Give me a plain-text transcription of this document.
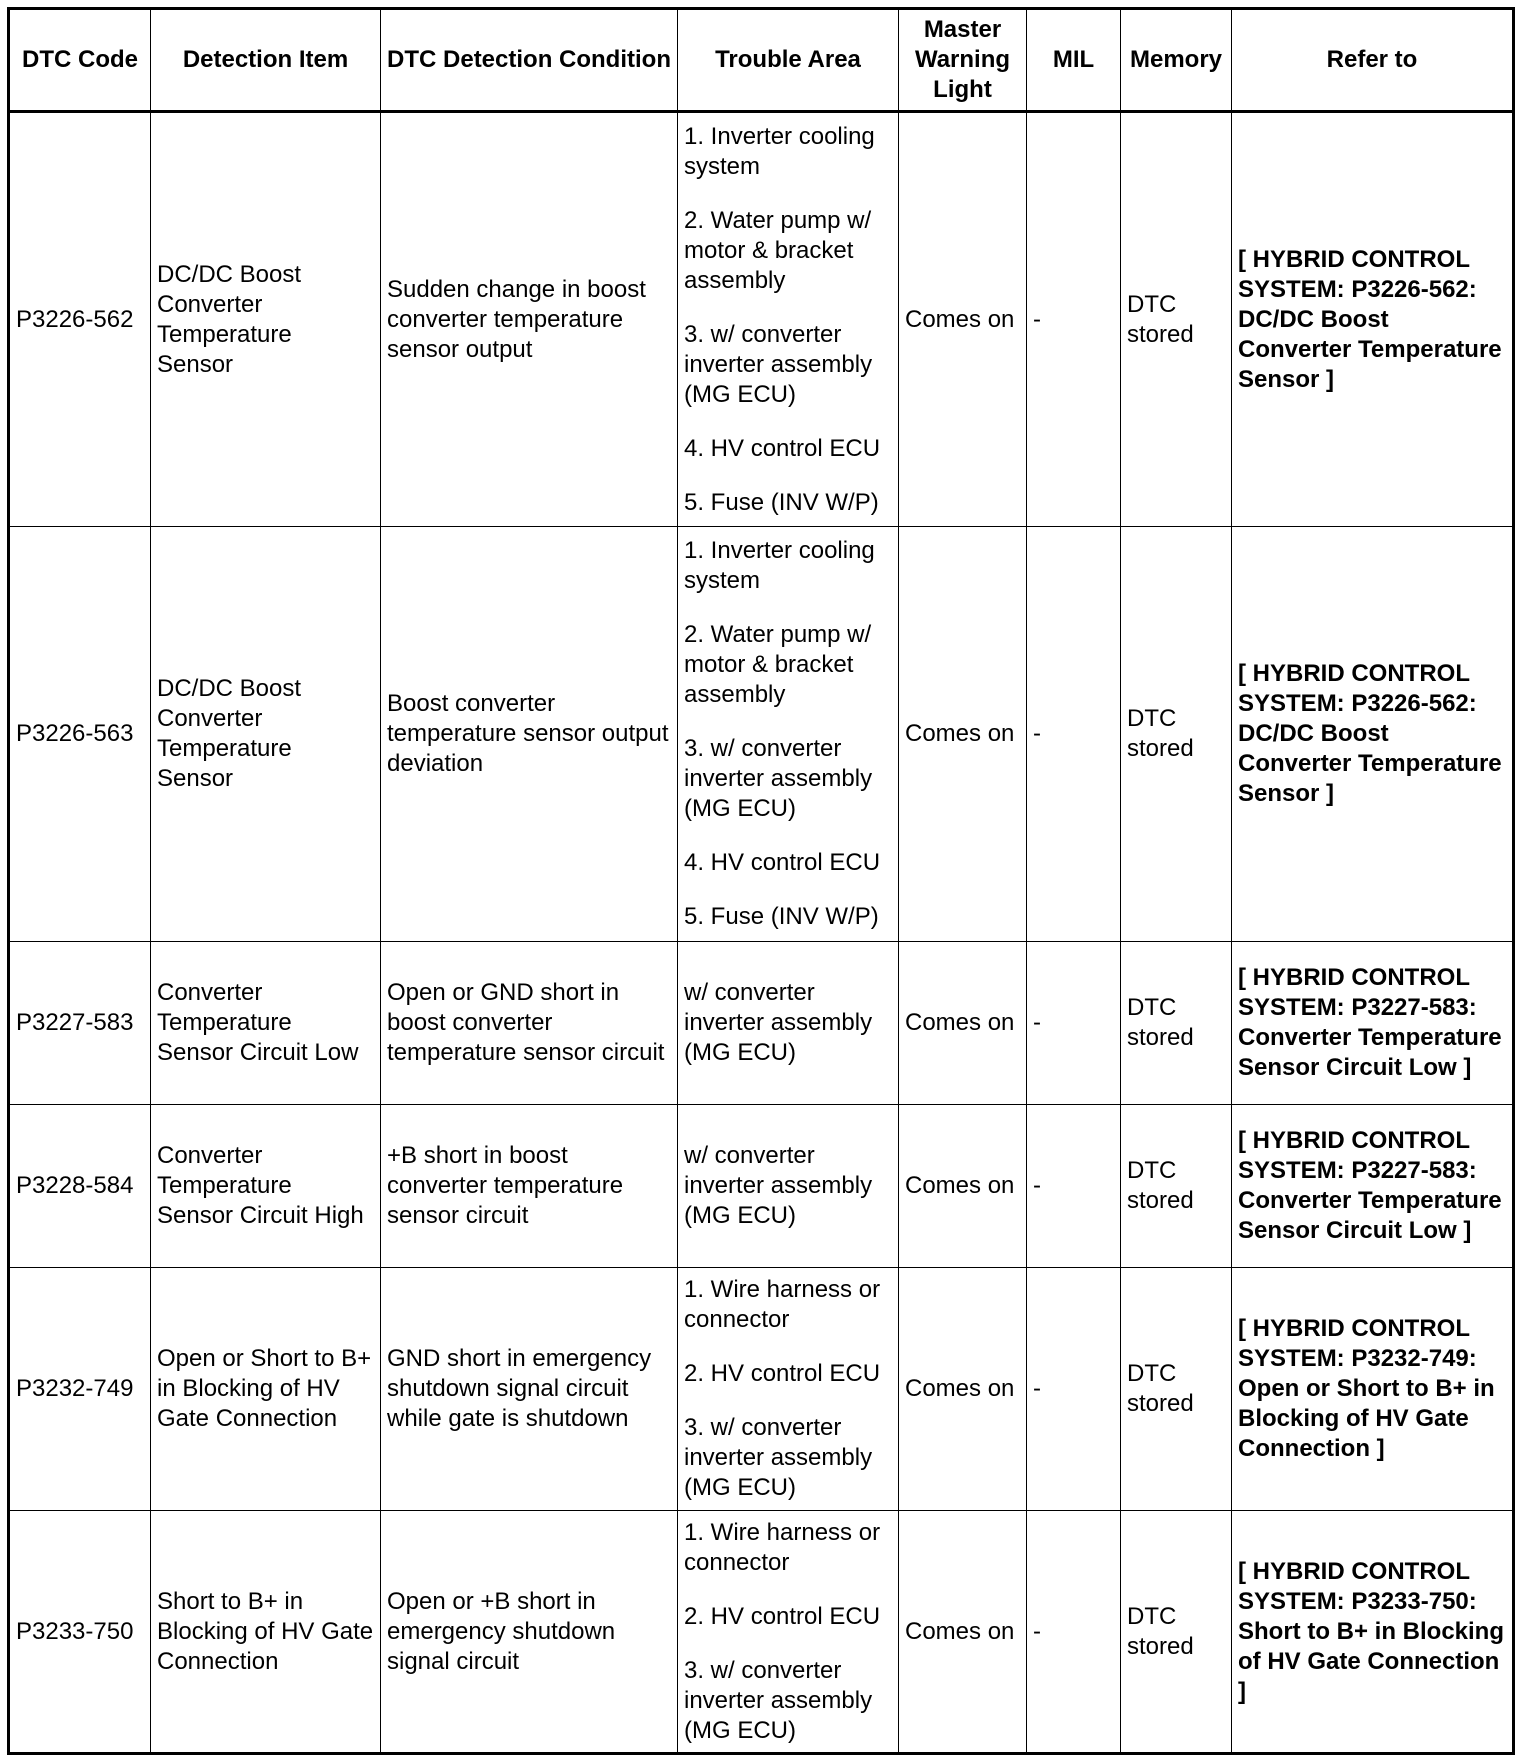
DTC Code	Detection Item	DTC Detection Condition	Trouble Area	Master Warning Light	MIL	Memory	Refer to
P3226-562	DC/DC Boost Converter Temperature Sensor	Sudden change in boost converter temperature sensor output	1. Inverter cooling system
2. Water pump w/ motor & bracket assembly
3. w/ converter inverter assembly (MG ECU)
4. HV control ECU
5. Fuse (INV W/P)	Comes on	-	DTC stored	[ HYBRID CONTROL SYSTEM: P3226-562: DC/DC Boost Converter Temperature Sensor ]
P3226-563	DC/DC Boost Converter Temperature Sensor	Boost converter temperature sensor output deviation	1. Inverter cooling system
2. Water pump w/ motor & bracket assembly
3. w/ converter inverter assembly (MG ECU)
4. HV control ECU
5. Fuse (INV W/P)	Comes on	-	DTC stored	[ HYBRID CONTROL SYSTEM: P3226-562: DC/DC Boost Converter Temperature Sensor ]
P3227-583	Converter Temperature Sensor Circuit Low	Open or GND short in boost converter temperature sensor circuit	w/ converter inverter assembly (MG ECU)	Comes on	-	DTC stored	[ HYBRID CONTROL SYSTEM: P3227-583: Converter Temperature Sensor Circuit Low ]
P3228-584	Converter Temperature Sensor Circuit High	+B short in boost converter temperature sensor circuit	w/ converter inverter assembly (MG ECU)	Comes on	-	DTC stored	[ HYBRID CONTROL SYSTEM: P3227-583: Converter Temperature Sensor Circuit Low ]
P3232-749	Open or Short to B+ in Blocking of HV Gate Connection	GND short in emergency shutdown signal circuit while gate is shutdown	1. Wire harness or connector
2. HV control ECU
3. w/ converter inverter assembly (MG ECU)	Comes on	-	DTC stored	[ HYBRID CONTROL SYSTEM: P3232-749: Open or Short to B+ in Blocking of HV Gate Connection ]
P3233-750	Short to B+ in Blocking of HV Gate Connection	Open or +B short in emergency shutdown signal circuit	1. Wire harness or connector
2. HV control ECU
3. w/ converter inverter assembly (MG ECU)	Comes on	-	DTC stored	[ HYBRID CONTROL SYSTEM: P3233-750: Short to B+ in Blocking of HV Gate Connection ]
